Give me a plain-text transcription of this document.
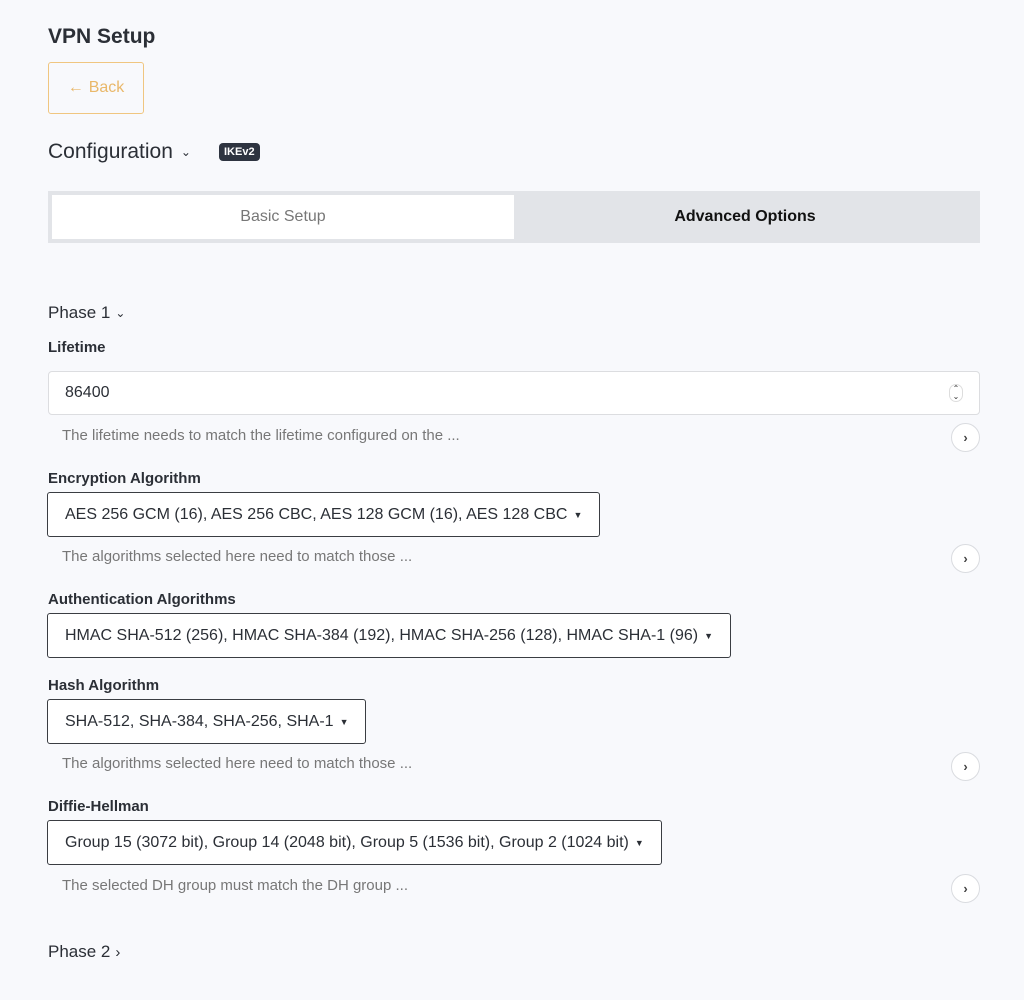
VPN Setup
← Back
Configuration ⌄	IKEv2
Basic Setup	Advanced Options
Phase 1 ⌄
Lifetime
86400	⌃
⌄
The lifetime needs to match the lifetime configured on the ...	›
Encryption Algorithm
AES 256 GCM (16), AES 256 CBC, AES 128 GCM (16), AES 128 CBC ▼
The algorithms selected here need to match those ...	›
Authentication Algorithms
HMAC SHA-512 (256), HMAC SHA-384 (192), HMAC SHA-256 (128), HMAC SHA-1 (96) ▼
Hash Algorithm
SHA-512, SHA-384, SHA-256, SHA-1 ▼
The algorithms selected here need to match those ...	›
Diffie-Hellman
Group 15 (3072 bit), Group 14 (2048 bit), Group 5 (1536 bit), Group 2 (1024 bit) ▼
The selected DH group must match the DH group ...	›
Phase 2 ›
